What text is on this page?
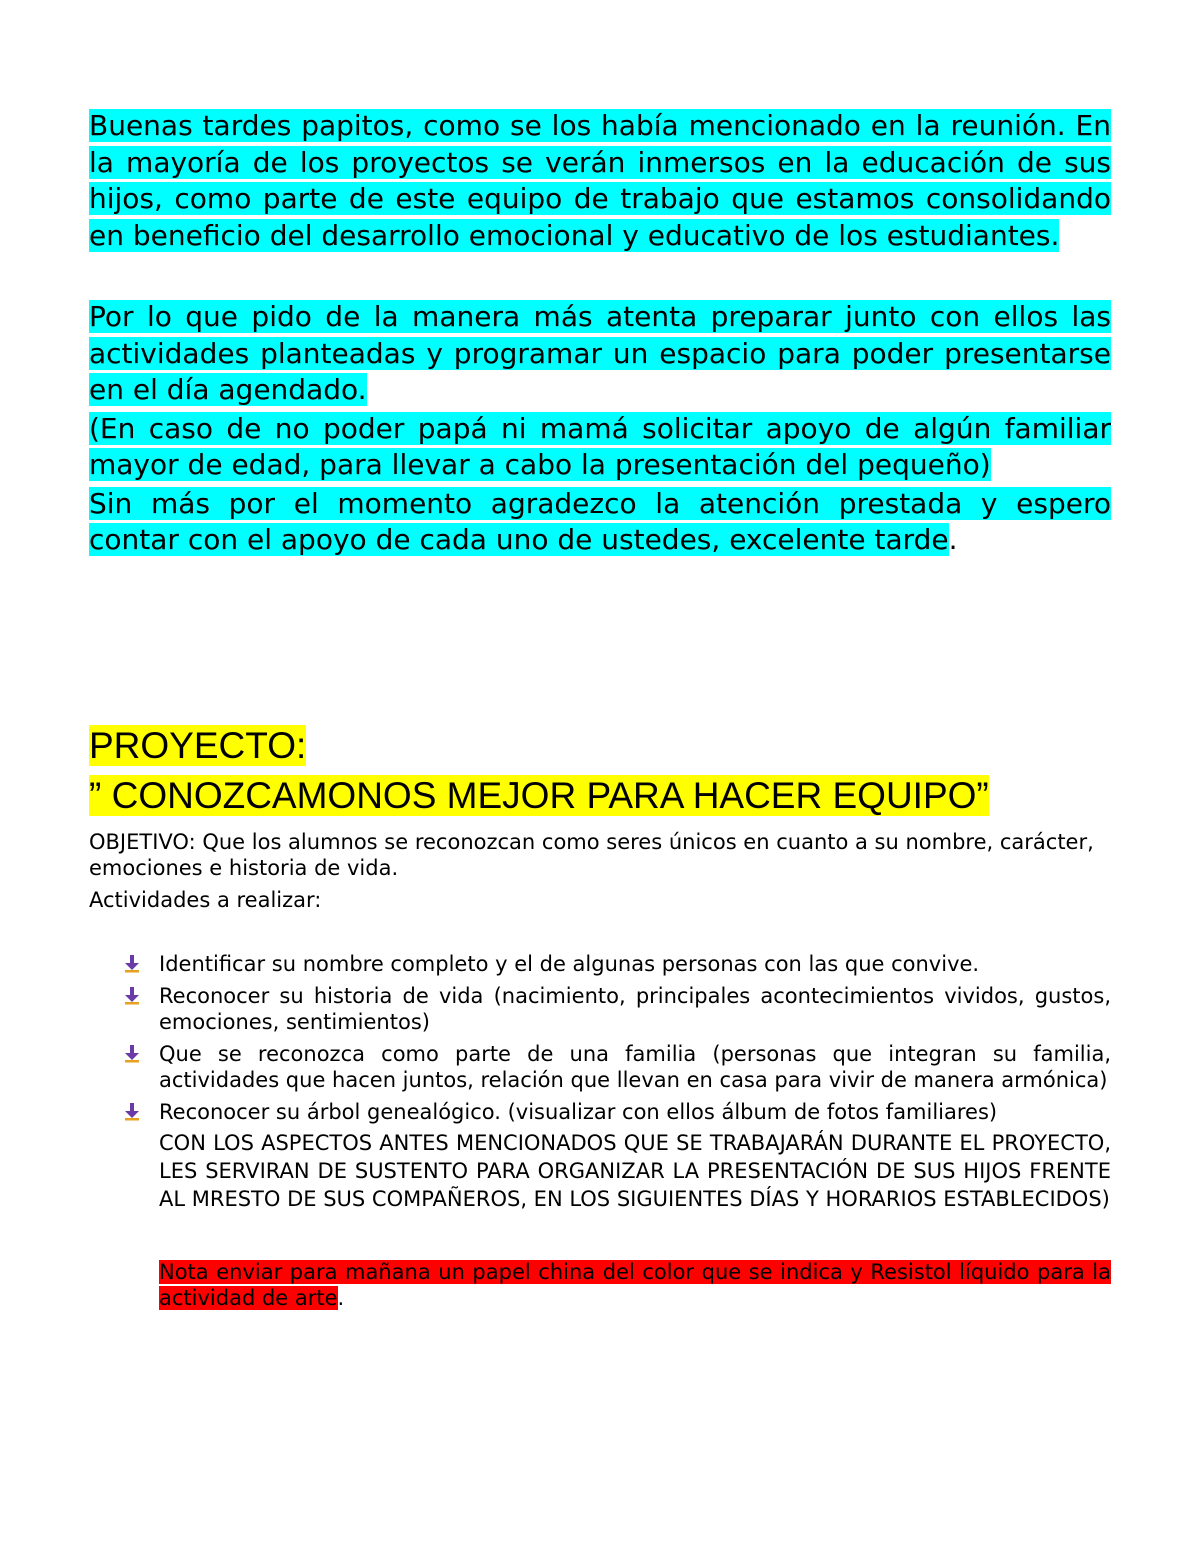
Buenas tardes papitos, como se los había mencionado en la reunión. En la mayoría de los proyectos se verán inmersos en la educación de sus hijos, como parte de este equipo de trabajo que estamos consolidando en beneficio del desarrollo emocional y educativo de los estudiantes.

Por lo que pido de la manera más atenta preparar junto con ellos las actividades planteadas y programar un espacio para poder presentarse en el día agendado.

(En caso de no poder papá ni mamá solicitar apoyo de algún familiar mayor de edad, para llevar a cabo la presentación del pequeño)

Sin más por el momento agradezco la atención prestada y espero contar con el apoyo de cada uno de ustedes, excelente tarde.

PROYECTO:

” CONOZCAMONOS MEJOR PARA HACER EQUIPO”

OBJETIVO: Que los alumnos se reconozcan como seres únicos en cuanto a su nombre, carácter, emociones e historia de vida.

Actividades a realizar:

Identificar su nombre completo y el de algunas personas con las que convive.
Reconocer su historia de vida (nacimiento, principales acontecimientos vividos, gustos, emociones, sentimientos)
Que se reconozca como parte de una familia (personas que integran su familia, actividades que hacen juntos, relación que llevan en casa para vivir de manera armónica)
Reconocer su árbol genealógico. (visualizar con ellos álbum de fotos familiares)

CON LOS ASPECTOS ANTES MENCIONADOS QUE SE TRABAJARÁN DURANTE EL PROYECTO, LES SERVIRAN DE SUSTENTO PARA ORGANIZAR LA PRESENTACIÓN DE SUS HIJOS FRENTE AL MRESTO DE SUS COMPAÑEROS, EN LOS SIGUIENTES DÍAS Y HORARIOS ESTABLECIDOS)

Nota enviar para mañana un papel china del color que se indica y Resistol líquido para la actividad de arte.
